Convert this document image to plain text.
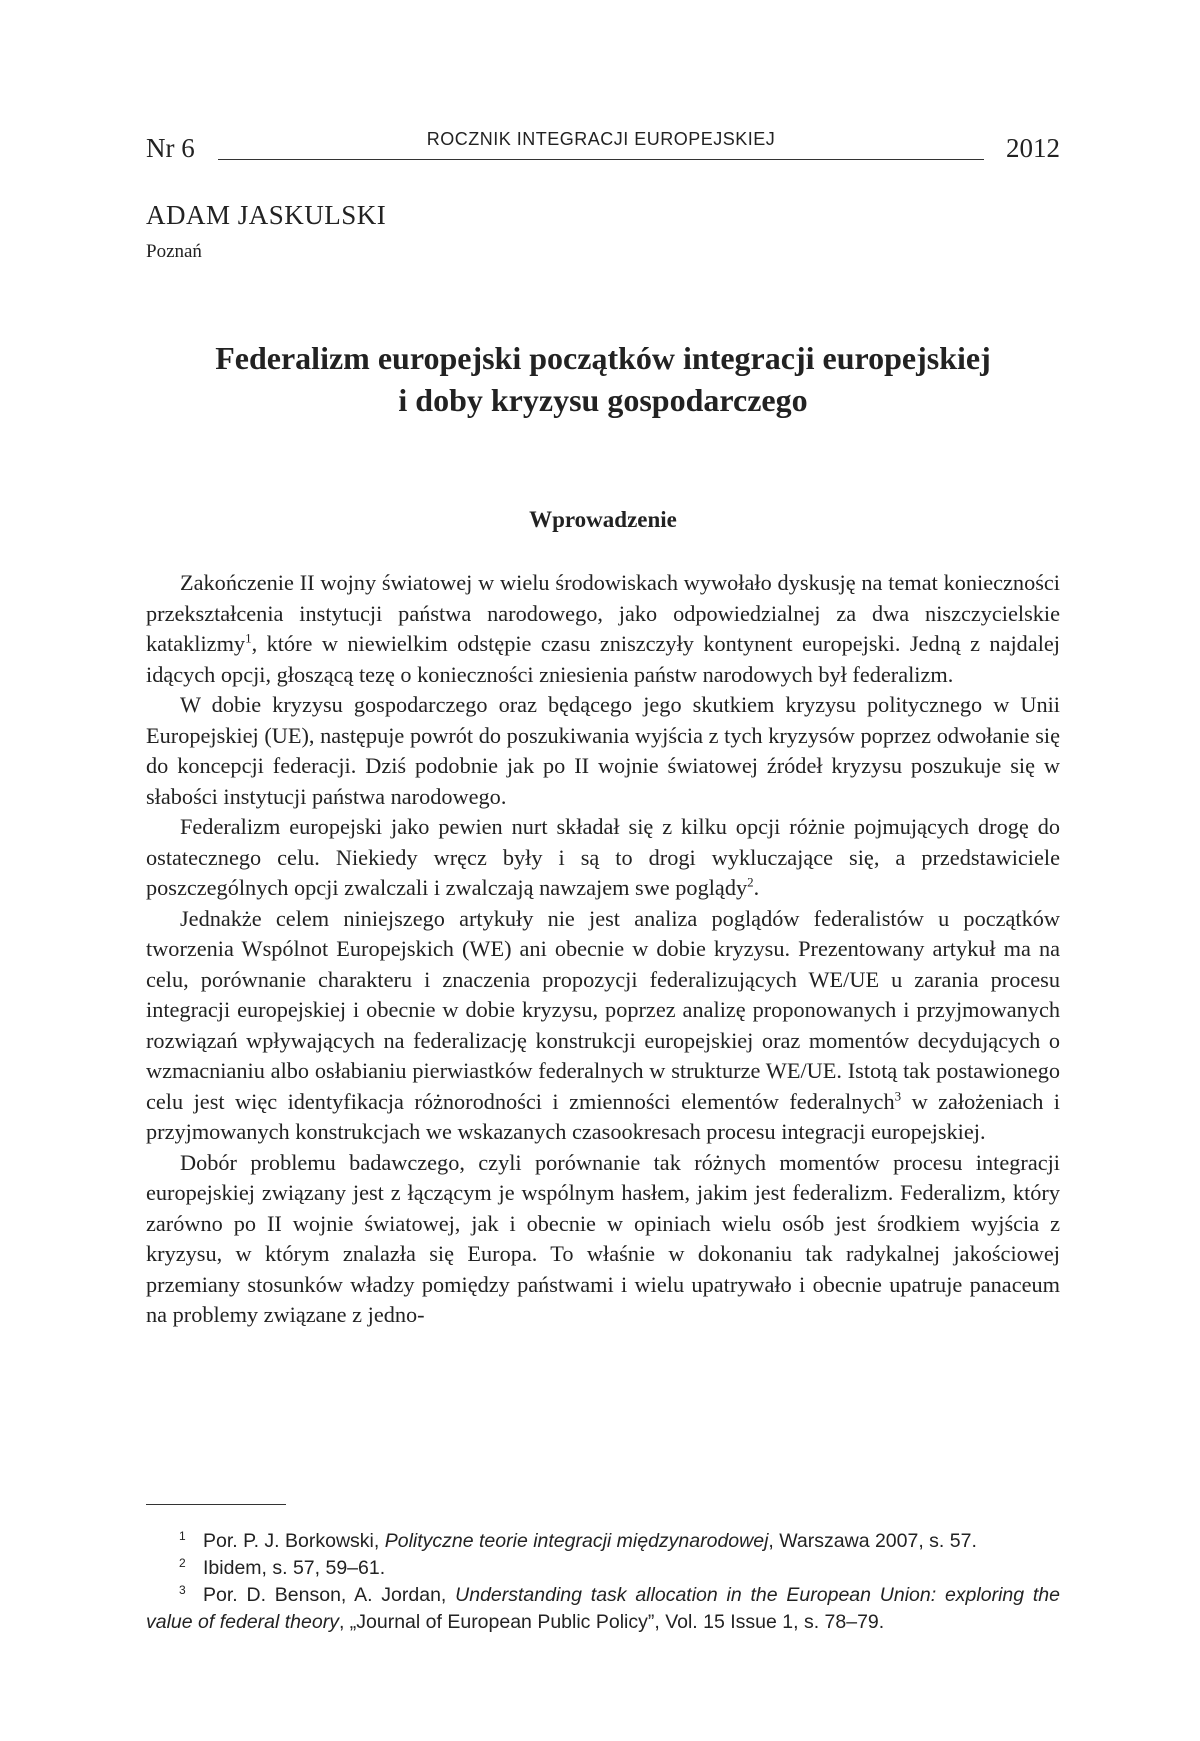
Nr 6	ROCZNIK INTEGRACJI EUROPEJSKIEJ	2012
ADAM JASKULSKI
Poznań
Federalizm europejski początków integracji europejskiej
i doby kryzysu gospodarczego
Wprowadzenie

Zakończenie II wojny światowej w wielu środowiskach wywołało dyskusję na temat konieczności przekształcenia instytucji państwa narodowego, jako odpowiedzialnej za dwa niszczycielskie kataklizmy$^1$, które w niewielkim odstępie czasu zniszczyły kontynent europejski. Jedną z najdalej idących opcji, głoszącą tezę o konieczności zniesienia państw narodowych był federalizm.

W dobie kryzysu gospodarczego oraz będącego jego skutkiem kryzysu politycznego w Unii Europejskiej (UE), następuje powrót do poszukiwania wyjścia z tych kryzysów poprzez odwołanie się do koncepcji federacji. Dziś podobnie jak po II wojnie światowej źródeł kryzysu poszukuje się w słabości instytucji państwa narodowego.

Federalizm europejski jako pewien nurt składał się z kilku opcji różnie pojmujących drogę do ostatecznego celu. Niekiedy wręcz były i są to drogi wykluczające się, a przedstawiciele poszczególnych opcji zwalczali i zwalczają nawzajem swe poglądy$^2$.

Jednakże celem niniejszego artykuły nie jest analiza poglądów federalistów u początków tworzenia Wspólnot Europejskich (WE) ani obecnie w dobie kryzysu. Prezentowany artykuł ma na celu, porównanie charakteru i znaczenia propozycji federalizujących WE/UE u zarania procesu integracji europejskiej i obecnie w dobie kryzysu, poprzez analizę proponowanych i przyjmowanych rozwiązań wpływających na federalizację konstrukcji europejskiej oraz momentów decydujących o wzmacnianiu albo osłabianiu pierwiastków federalnych w strukturze WE/UE. Istotą tak postawionego celu jest więc identyfikacja różnorodności i zmienności elementów federalnych$^3$ w założeniach i przyjmowanych konstrukcjach we wskazanych czasookresach procesu integracji europejskiej.

Dobór problemu badawczego, czyli porównanie tak różnych momentów procesu integracji europejskiej związany jest z łączącym je wspólnym hasłem, jakim jest federalizm. Federalizm, który zarówno po II wojnie światowej, jak i obecnie w opiniach wielu osób jest środkiem wyjścia z kryzysu, w którym znalazła się Europa. To właśnie w dokonaniu tak radykalnej jakościowej przemiany stosunków władzy pomiędzy państwami i wielu upatrywało i obecnie upatruje panaceum na problemy związane z jedno-

1 Por. P. J. Borkowski, Polityczne teorie integracji międzynarodowej, Warszawa 2007, s. 57.

2 Ibidem, s. 57, 59–61.

3 Por. D. Benson, A. Jordan, Understanding task allocation in the European Union: exploring the value of federal theory, „Journal of European Public Policy”, Vol. 15 Issue 1, s. 78–79.
